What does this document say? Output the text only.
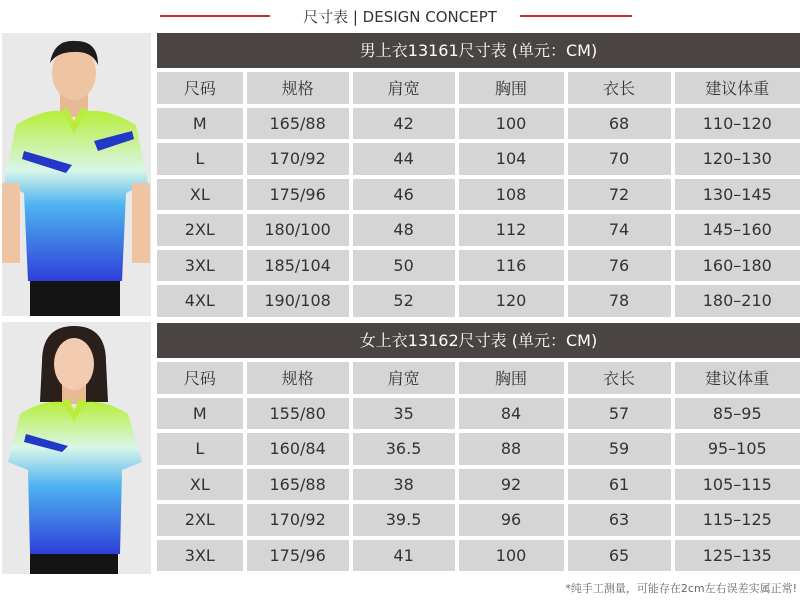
尺寸表 | DESIGN CONCEPT
男上衣13161尺寸表 (单元：CM)
尺码	规格	肩宽	胸围	衣长	建议体重
M	165/88	42	100	68	110–120
L	170/92	44	104	70	120–130
XL	175/96	46	108	72	130–145
2XL	180/100	48	112	74	145–160
3XL	185/104	50	116	76	160–180
4XL	190/108	52	120	78	180–210
女上衣13162尺寸表 (单元：CM)
尺码	规格	肩宽	胸围	衣长	建议体重
M	155/80	35	84	57	85–95
L	160/84	36.5	88	59	95–105
XL	165/88	38	92	61	105–115
2XL	170/92	39.5	96	63	115–125
3XL	175/96	41	100	65	125–135
*纯手工测量，可能存在2cm左右误差实属正常!
